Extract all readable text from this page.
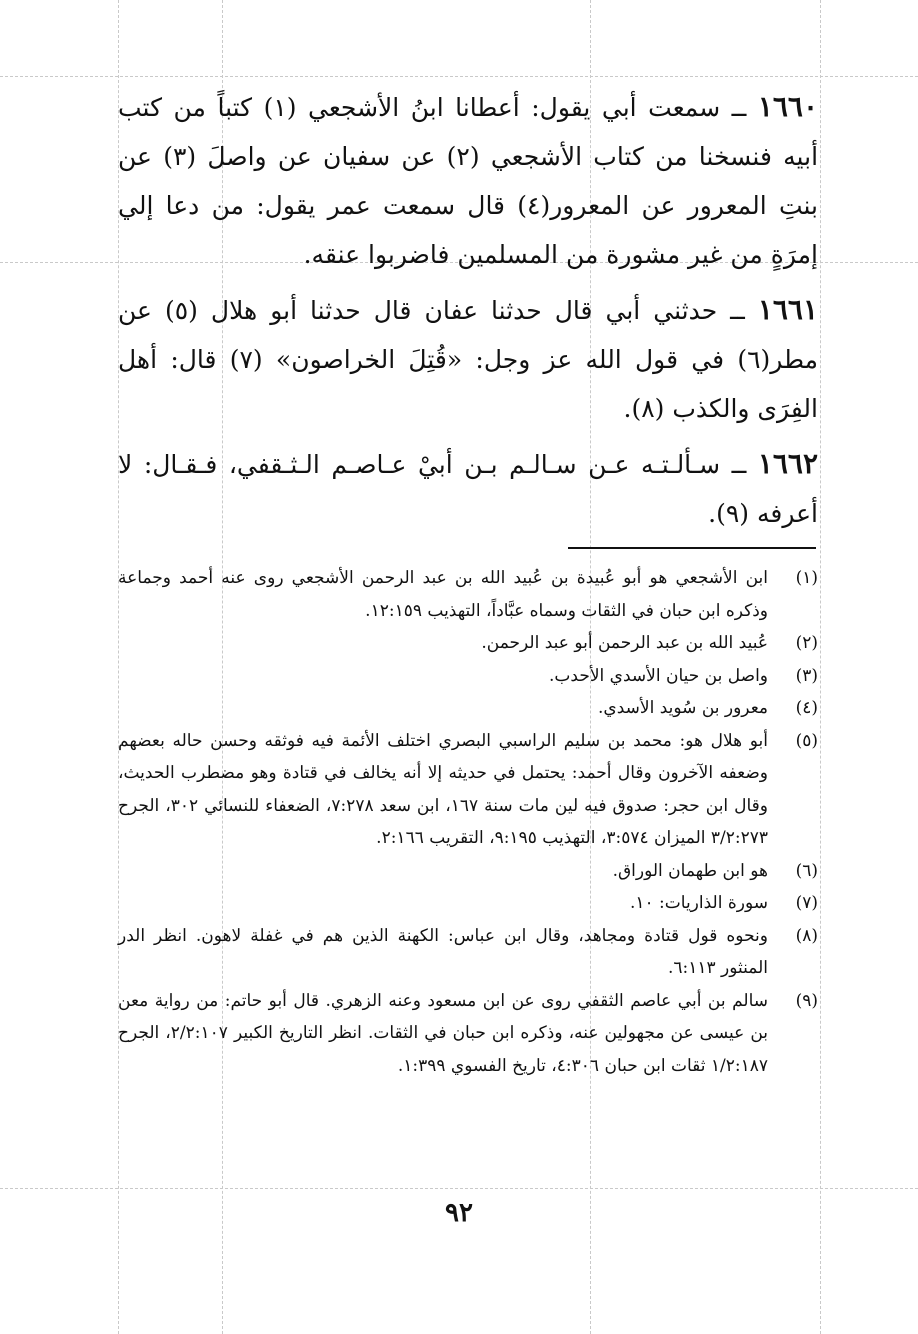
١٦٦٠ ــ سمعت أبي يقول: أعطانا ابنُ الأشجعي (١) كتباً من كتب أبيه فنسخنا من كتاب الأشجعي (٢) عن سفيان عن واصلَ (٣) عن بنتِ المعرور عن المعرور(٤) قال سمعت عمر يقول: من دعا إلي إمرَةٍ من غير مشورة من المسلمين فاضربوا عنقه.

١٦٦١ ــ حدثني أبي قال حدثنا عفان قال حدثنا أبو هلال (٥) عن مطر(٦) في قول الله عز وجل: «قُتِلَ الخراصون» (٧) قال: أهل الفِرَى والكذب (٨).

١٦٦٢ ــ سـألـتـه عـن سـالـم بـن أبيْ عـاصـم الـثـقفي، فـقـال: لا أعرفه (٩).

(١)
ابن الأشجعي هو أبو عُبيدة بن عُبيد الله بن عبد الرحمن الأشجعي روى عنه أحمد وجماعة وذكره ابن حبان في الثقات وسماه عبَّاداً، التهذيب ١٢:١٥٩.
(٢)
عُبيد الله بن عبد الرحمن أبو عبد الرحمن.
(٣)
واصل بن حيان الأسدي الأحدب.
(٤)
معرور بن سُويد الأسدي.
(٥)
أبو هلال هو: محمد بن سليم الراسبي البصري اختلف الأئمة فيه فوثقه وحسن حاله بعضهم وضعفه الآخرون وقال أحمد: يحتمل في حديثه إلا أنه يخالف في قتادة وهو مضطرب الحديث، وقال ابن حجر: صدوق فيه لين مات سنة ١٦٧، ابن سعد ٧:٢٧٨، الضعفاء للنسائي ٣٠٢، الجرح ٣/٢:٢٧٣ الميزان ٣:٥٧٤، التهذيب ٩:١٩٥، التقريب ٢:١٦٦.
(٦)
هو ابن طهمان الوراق.
(٧)
سورة الذاريات: ١٠.
(٨)
ونحوه قول قتادة ومجاهد، وقال ابن عباس: الكهنة الذين هم في غفلة لاهون. انظر الدر المنثور ٦:١١٣.
(٩)
سالم بن أبي عاصم الثقفي روى عن ابن مسعود وعنه الزهري. قال أبو حاتم: من رواية معن بن عيسى عن مجهولين عنه، وذكره ابن حبان في الثقات. انظر التاريخ الكبير ٢/٢:١٠٧، الجرح ١/٢:١٨٧ ثقات ابن حبان ٤:٣٠٦، تاريخ الفسوي ١:٣٩٩.
٩٢
